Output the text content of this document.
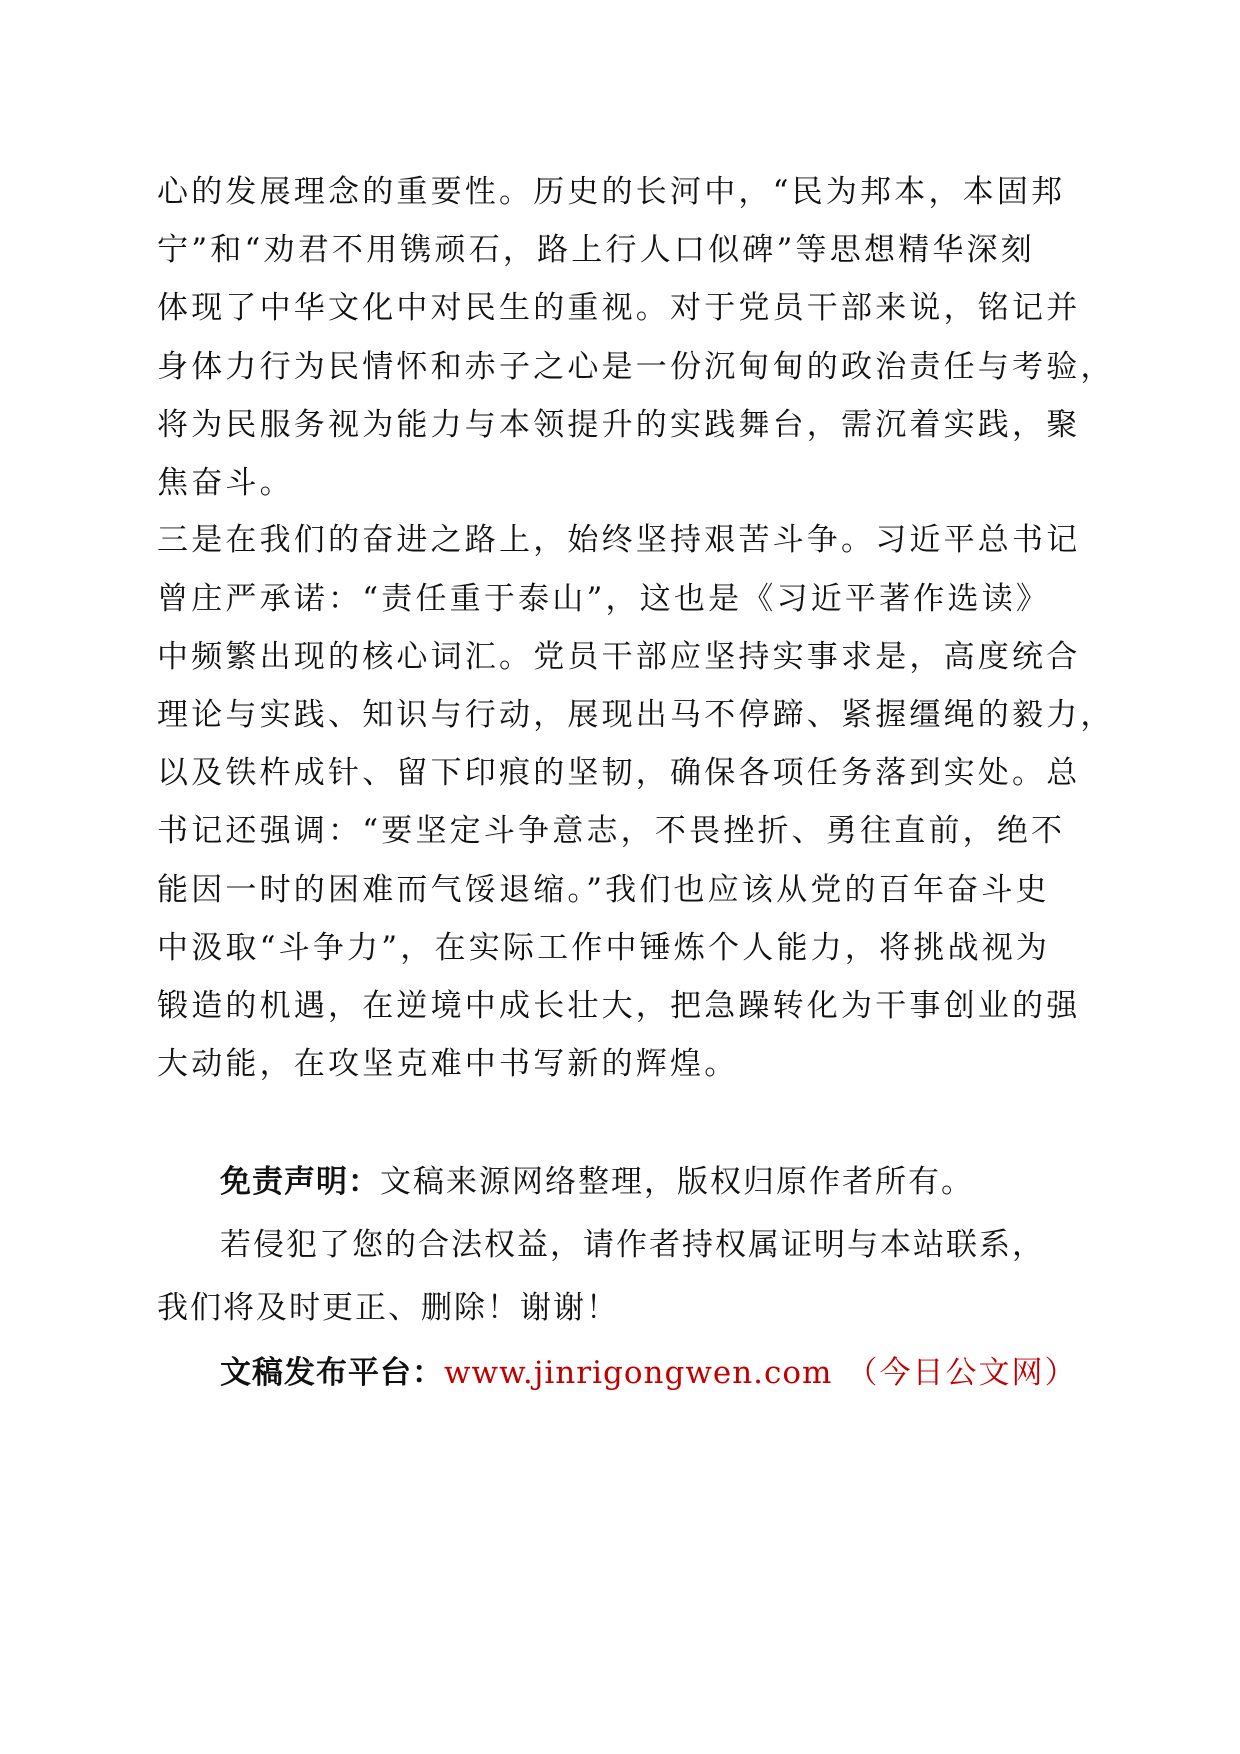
心的发展理念的重要性。历史的长河中，“民为邦本，本固邦
宁”和“劝君不用镌顽石，路上行人口似碑”等思想精华深刻
体现了中华文化中对民生的重视。对于党员干部来说，铭记并
身体力行为民情怀和赤子之心是一份沉甸甸的政治责任与考验，
将为民服务视为能力与本领提升的实践舞台，需沉着实践，聚
焦奋斗。
三是在我们的奋进之路上，始终坚持艰苦斗争。习近平总书记
曾庄严承诺：“责任重于泰山”，这也是《习近平著作选读》
中频繁出现的核心词汇。党员干部应坚持实事求是，高度统合
理论与实践、知识与行动，展现出马不停蹄、紧握缰绳的毅力，
以及铁杵成针、留下印痕的坚韧，确保各项任务落到实处。总
书记还强调：“要坚定斗争意志，不畏挫折、勇往直前，绝不
能因一时的困难而气馁退缩。”我们也应该从党的百年奋斗史
中汲取“斗争力”，在实际工作中锤炼个人能力，将挑战视为
锻造的机遇，在逆境中成长壮大，把急躁转化为干事创业的强
大动能，在攻坚克难中书写新的辉煌。
免责声明：文稿来源网络整理，版权归原作者所有。
若侵犯了您的合法权益，请作者持权属证明与本站联系，
我们将及时更正、删除！谢谢！
文稿发布平台：www.jinrigongwen.com （今日公文网）
